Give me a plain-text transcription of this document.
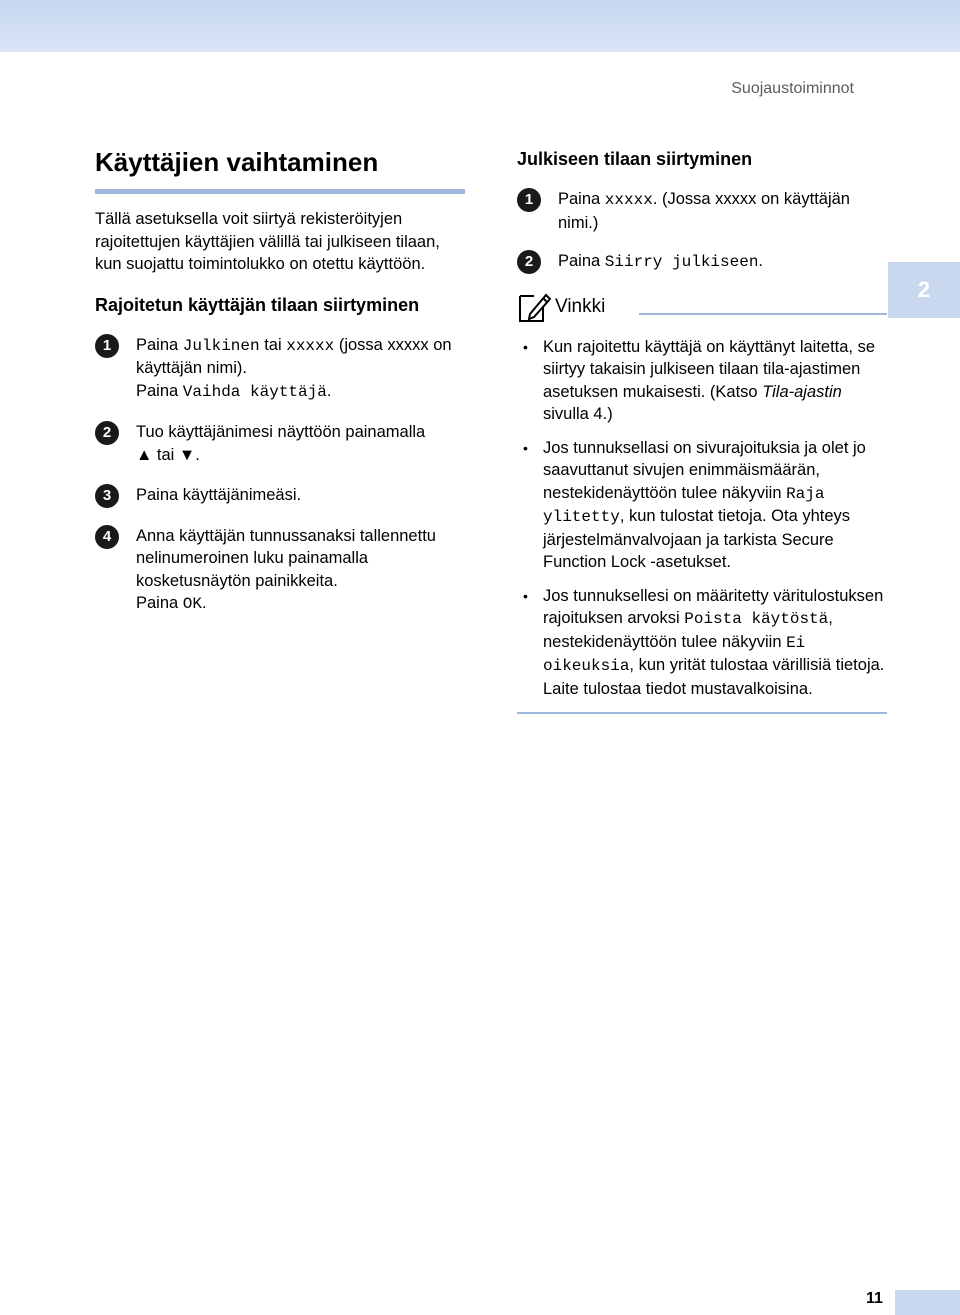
Suojaustoiminnot
2
Käyttäjien vaihtaminen

Tällä asetuksella voit siirtyä rekisteröityjen rajoitettujen käyttäjien välillä tai julkiseen tilaan, kun suojattu toimintolukko on otettu käyttöön.

Rajoitetun käyttäjän tilaan siirtyminen
1	Paina Julkinen tai xxxxx (jossa xxxxx on käyttäjän nimi).
Paina Vaihda käyttäjä.
2	Tuo käyttäjänimesi näyttöön painamalla
▲ tai ▼.
3	Paina käyttäjänimeäsi.
4	Anna käyttäjän tunnussanaksi tallennettu nelinumeroinen luku painamalla kosketusnäytön painikkeita.
Paina OK.
Julkiseen tilaan siirtyminen
1	Paina xxxxx. (Jossa xxxxx on käyttäjän nimi.)
2	Paina Siirry julkiseen.
Vinkki
• Kun rajoitettu käyttäjä on käyttänyt laitetta, se siirtyy takaisin julkiseen tilaan tila-ajastimen asetuksen mukaisesti. (Katso Tila-ajastin sivulla 4.)
• Jos tunnuksellasi on sivurajoituksia ja olet jo saavuttanut sivujen enimmäismäärän, nestekidenäyttöön tulee näkyviin Raja ylitetty, kun tulostat tietoja. Ota yhteys järjestelmänvalvojaan ja tarkista Secure Function Lock -asetukset.
• Jos tunnuksellesi on määritetty väritulostuksen rajoituksen arvoksi Poista käytöstä, nestekidenäyttöön tulee näkyviin Ei oikeuksia, kun yrität tulostaa värillisiä tietoja. Laite tulostaa tiedot mustavalkoisina.
11
